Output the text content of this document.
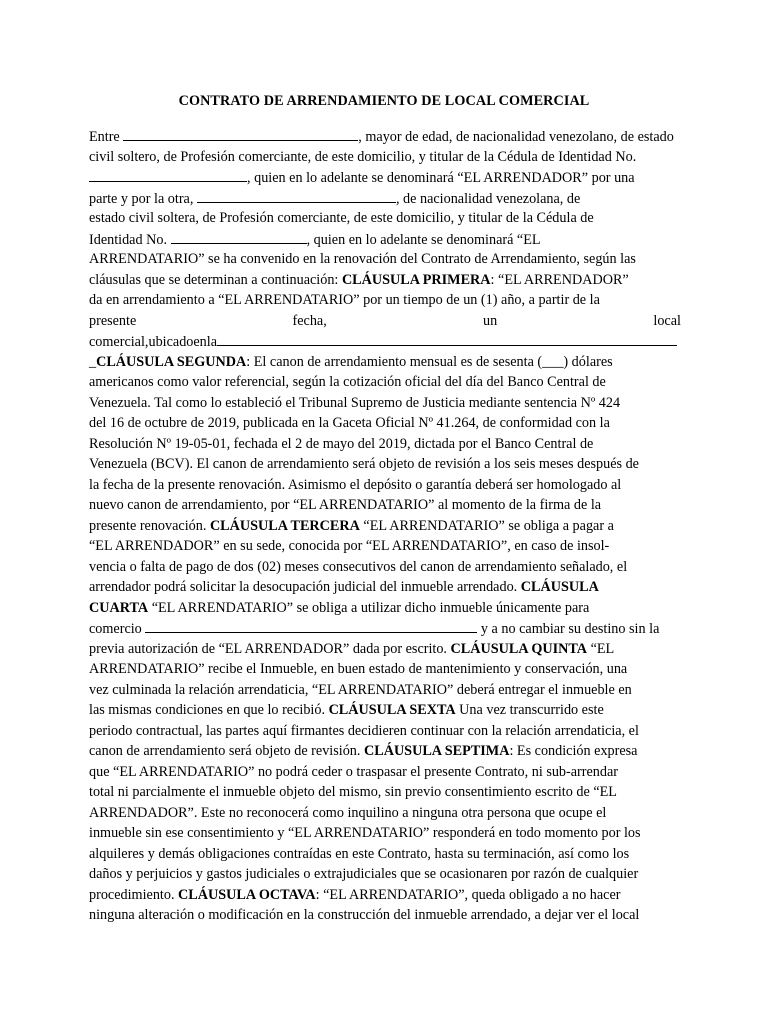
CONTRATO DE ARRENDAMIENTO DE LOCAL COMERCIAL
Entre	, mayor de edad, de nacionalidad venezolano, de estado
civil soltero, de Profesión comerciante, de este domicilio, y titular de la Cédula de Identidad No.
, quien en lo adelante se denominará “EL ARRENDADOR” por una
parte y por la otra,	, de nacionalidad venezolana, de
estado civil soltera, de Profesión comerciante, de este domicilio, y titular de la Cédula de
Identidad No.	, quien en lo adelante se denominará “EL
ARRENDATARIO” se ha convenido en la renovación del Contrato de Arrendamiento, según las
cláusulas que se determinan a continuación: CLÁUSULA PRIMERA: “EL ARRENDADOR”
da en arrendamiento a “EL ARRENDATARIO” por un tiempo de un (1) año, a partir de la
presente	fecha,	un	local
comercial,ubicadoenla
_CLÁUSULA SEGUNDA: El canon de arrendamiento mensual es de sesenta (___) dólares
americanos como valor referencial, según la cotización oficial del día del Banco Central de
Venezuela. Tal como lo estableció el Tribunal Supremo de Justicia mediante sentencia Nº 424
del 16 de octubre de 2019, publicada en la Gaceta Oficial Nº 41.264, de conformidad con la
Resolución Nº 19-05-01, fechada el 2 de mayo del 2019, dictada por el Banco Central de
Venezuela (BCV). El canon de arrendamiento será objeto de revisión a los seis meses después de
la fecha de la presente renovación. Asimismo el depósito o garantía deberá ser homologado al
nuevo canon de arrendamiento, por “EL ARRENDATARIO” al momento de la firma de la
presente renovación. CLÁUSULA TERCERA “EL ARRENDATARIO” se obliga a pagar a
“EL ARRENDADOR” en su sede, conocida por “EL ARRENDATARIO”, en caso de insol-
vencia o falta de pago de dos (02) meses consecutivos del canon de arrendamiento señalado, el
arrendador podrá solicitar la desocupación judicial del inmueble arrendado. CLÁUSULA
CUARTA “EL ARRENDATARIO” se obliga a utilizar dicho inmueble únicamente para
comercio	y a no cambiar su destino sin la
previa autorización de “EL ARRENDADOR” dada por escrito. CLÁUSULA QUINTA “EL
ARRENDATARIO” recibe el Inmueble, en buen estado de mantenimiento y conservación, una
vez culminada la relación arrendaticia, “EL ARRENDATARIO” deberá entregar el inmueble en
las mismas condiciones en que lo recibió. CLÁUSULA SEXTA Una vez transcurrido este
periodo contractual, las partes aquí firmantes decidieren continuar con la relación arrendaticia, el
canon de arrendamiento será objeto de revisión. CLÁUSULA SEPTIMA: Es condición expresa
que “EL ARRENDATARIO” no podrá ceder o traspasar el presente Contrato, ni sub-arrendar
total ni parcialmente el inmueble objeto del mismo, sin previo consentimiento escrito de “EL
ARRENDADOR”. Este no reconocerá como inquilino a ninguna otra persona que ocupe el
inmueble sin ese consentimiento y “EL ARRENDATARIO” responderá en todo momento por los
alquileres y demás obligaciones contraídas en este Contrato, hasta su terminación, así como los
daños y perjuicios y gastos judiciales o extrajudiciales que se ocasionaren por razón de cualquier
procedimiento. CLÁUSULA OCTAVA: “EL ARRENDATARIO”, queda obligado a no hacer
ninguna alteración o modificación en la construcción del inmueble arrendado, a dejar ver el local
